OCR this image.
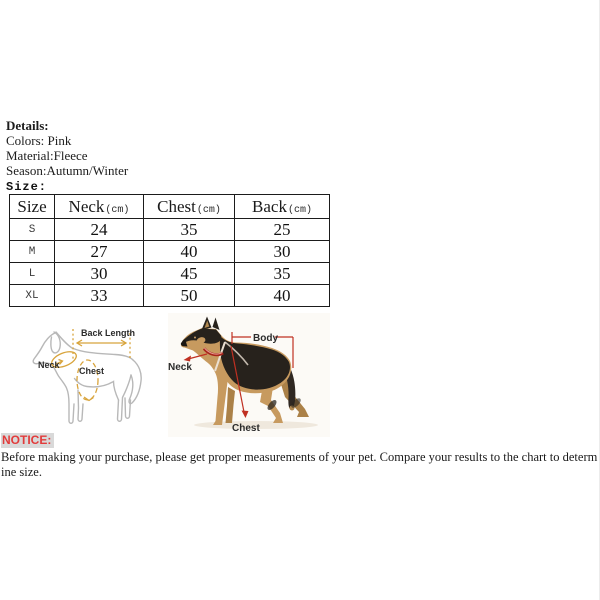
Details:
Colors: Pink
Material:Fleece
Season:Autumn/Winter
Size:
Size	Neck(cm)	Chest(cm)	Back(cm)
S	24	35	25
M	27	40	30
L	30	45	35
XL	33	50	40
Back Length
Neck
Chest
Body
Neck
Chest
NOTICE:
Before making your purchase, please get proper measurements of your pet. Compare your results to the chart to determine size.
